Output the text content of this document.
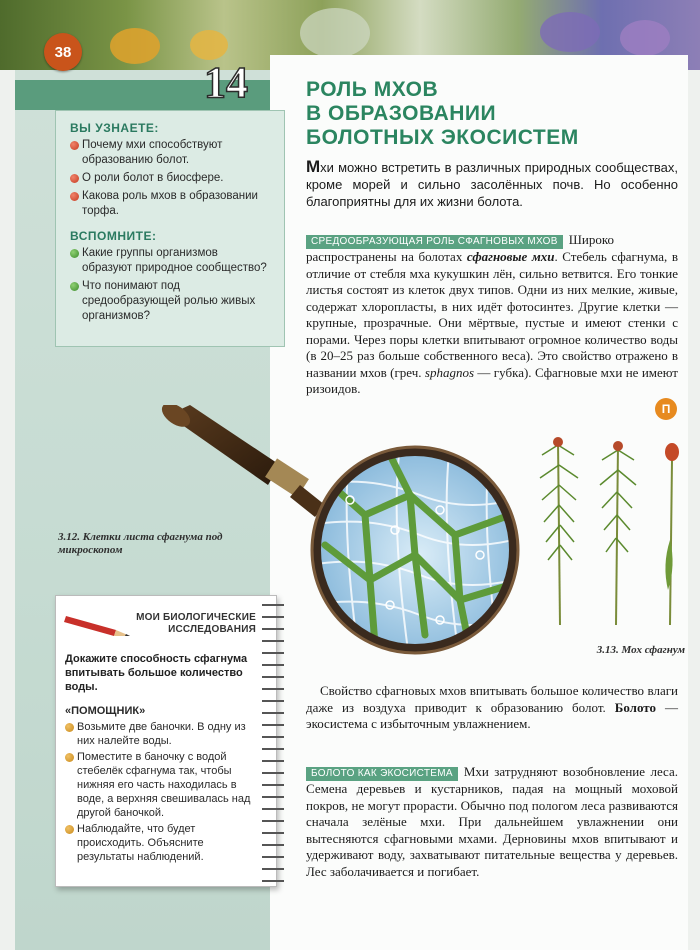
38
14	РОЛЬ МХОВ
В ОБРАЗОВАНИИ
БОЛОТНЫХ ЭКОСИСТЕМ
ВЫ УЗНАЕТЕ:
Почему мхи способствуют образованию болот.
О роли болот в биосфере.
Какова роль мхов в образовании торфа.
ВСПОМНИТЕ:
Какие группы организмов образуют природное сообщество?
Что понимают под средообразующей ролью живых организмов?
Мхи можно встретить в различных природных сообществах, кроме морей и сильно засолённых почв. Но особенно благоприятны для их жизни болота.
СРЕДООБРАЗУЮЩАЯ РОЛЬ СФАГНОВЫХ МХОВ Широко распространены на болотах сфагновые мхи. Стебель сфагнума, в отличие от стебля мха кукушкин лён, сильно ветвится. Его тонкие листья состоят из клеток двух типов. Одни из них мелкие, живые, содержат хлоропласты, в них идёт фотосинтез. Другие клетки — крупные, прозрачные. Они мёртвые, пустые и имеют стенки с порами. Через поры клетки впитывают огромное количество воды (в 20–25 раз больше собственного веса). Это свойство отражено в названии мхов (греч. sphagnos — губка). Сфагновые мхи не имеют ризоидов.
П
3.12. Клетки листа сфагнума под микроскопом
3.13. Мох сфагнум
Свойство сфагновых мхов впитывать большое количество влаги даже из воздуха приводит к образованию болот. Болото — экосистема с избыточным увлажнением.
БОЛОТО КАК ЭКОСИСТЕМА Мхи затрудняют возобновление леса. Семена деревьев и кустарников, падая на мощный моховой покров, не могут прорасти. Обычно под пологом леса развиваются сначала зелёные мхи. При дальнейшем увлажнении они вытесняются сфагновыми мхами. Дерновины мхов впитывают и удерживают воду, захватывают питательные вещества у деревьев. Лес заболачивается и погибает.
МОИ БИОЛОГИЧЕСКИЕ ИССЛЕДОВАНИЯ
Докажите способность сфагнума впитывать большое количество воды.
«ПОМОЩНИК»
Возьмите две баночки. В одну из них налейте воды.
Поместите в баночку с водой стебелёк сфагнума так, чтобы нижняя его часть находилась в воде, а верхняя свешивалась над другой баночкой.
Наблюдайте, что будет происходить. Объясните результаты наблюдений.
